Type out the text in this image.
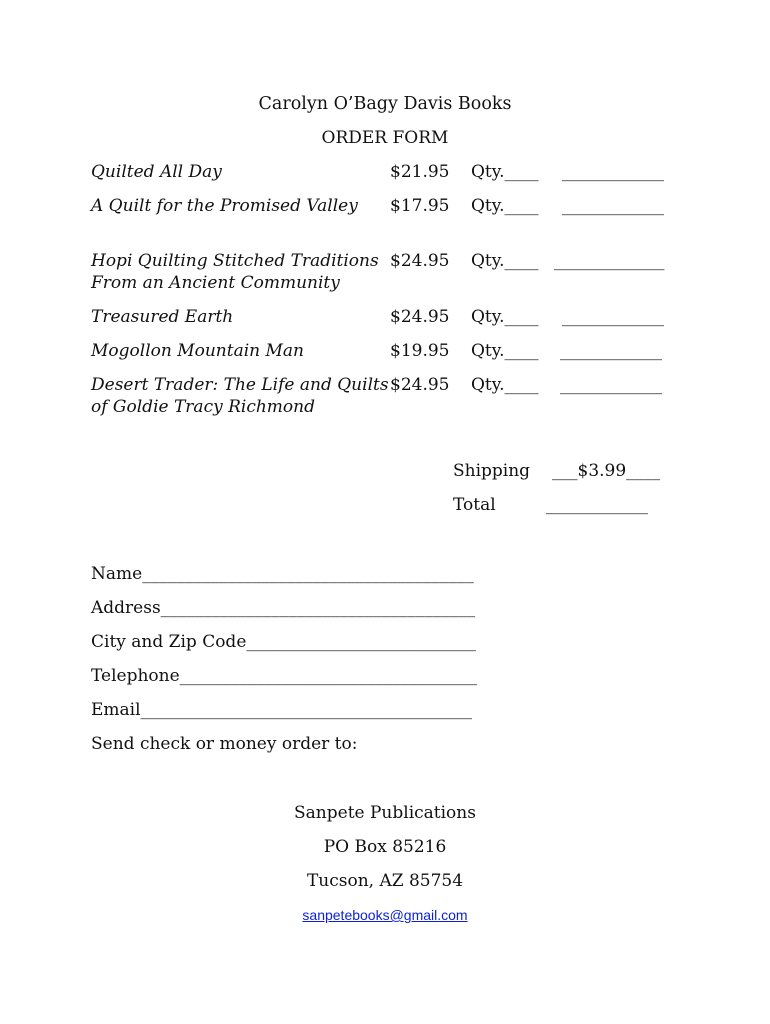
Carolyn O’Bagy Davis Books
ORDER FORM
Quilted All Day	$21.95 Qty.____ ____________
A Quilt for the Promised Valley $17.95 Qty.____ ____________
Hopi Quilting Stitched Traditions
From an Ancient Community
$24.95 Qty.____ _____________
Treasured Earth	$24.95 Qty.____ ____________
Mogollon Mountain Man	$19.95 Qty.____ ____________
Desert Trader: The Life and Quilts
of Goldie Tracy Richmond
$24.95 Qty.____ ____________
Shipping ___$3.99____
Total	____________
Name_______________________________________
Address_____________________________________
City and Zip Code___________________________
Telephone___________________________________
Email_______________________________________
Send check or money order to:
Sanpete Publications
PO Box 85216
Tucson, AZ 85754
sanpetebooks@gmail.com
